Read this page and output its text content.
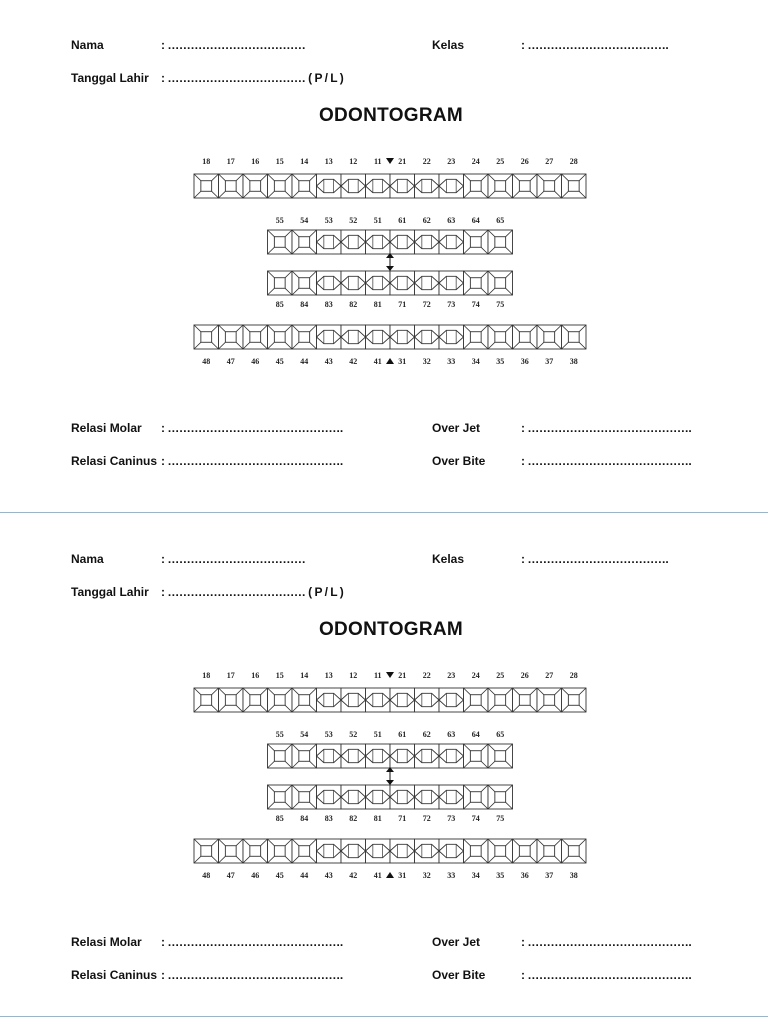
Nama	: ………………………………	Kelas	: ……………………………….
Tanggal Lahir : ……………………………… ( P / L )
ODONTOGRAM
18 17 16 15 14 13 12 11 21 22 23 24 25 26 27 28
55 54 53 52 51 61 62 63 64 65
85 84 83 82 81 71 72 73 74 75
48 47 46 45 44 43 42 41 31 32 33 34 35 36 37 38
Relasi Molar : ……………………………………….	Over Jet	: …………………………………….
Relasi Caninus : ……………………………………….	Over Bite	: …………………………………….
Nama	: ………………………………	Kelas	: ……………………………….
Tanggal Lahir : ……………………………… ( P / L )
ODONTOGRAM
18 17 16 15 14 13 12 11 21 22 23 24 25 26 27 28
55 54 53 52 51 61 62 63 64 65
85 84 83 82 81 71 72 73 74 75
48 47 46 45 44 43 42 41 31 32 33 34 35 36 37 38
Relasi Molar : ……………………………………….	Over Jet	: …………………………………….
Relasi Caninus : ……………………………………….	Over Bite	: …………………………………….
